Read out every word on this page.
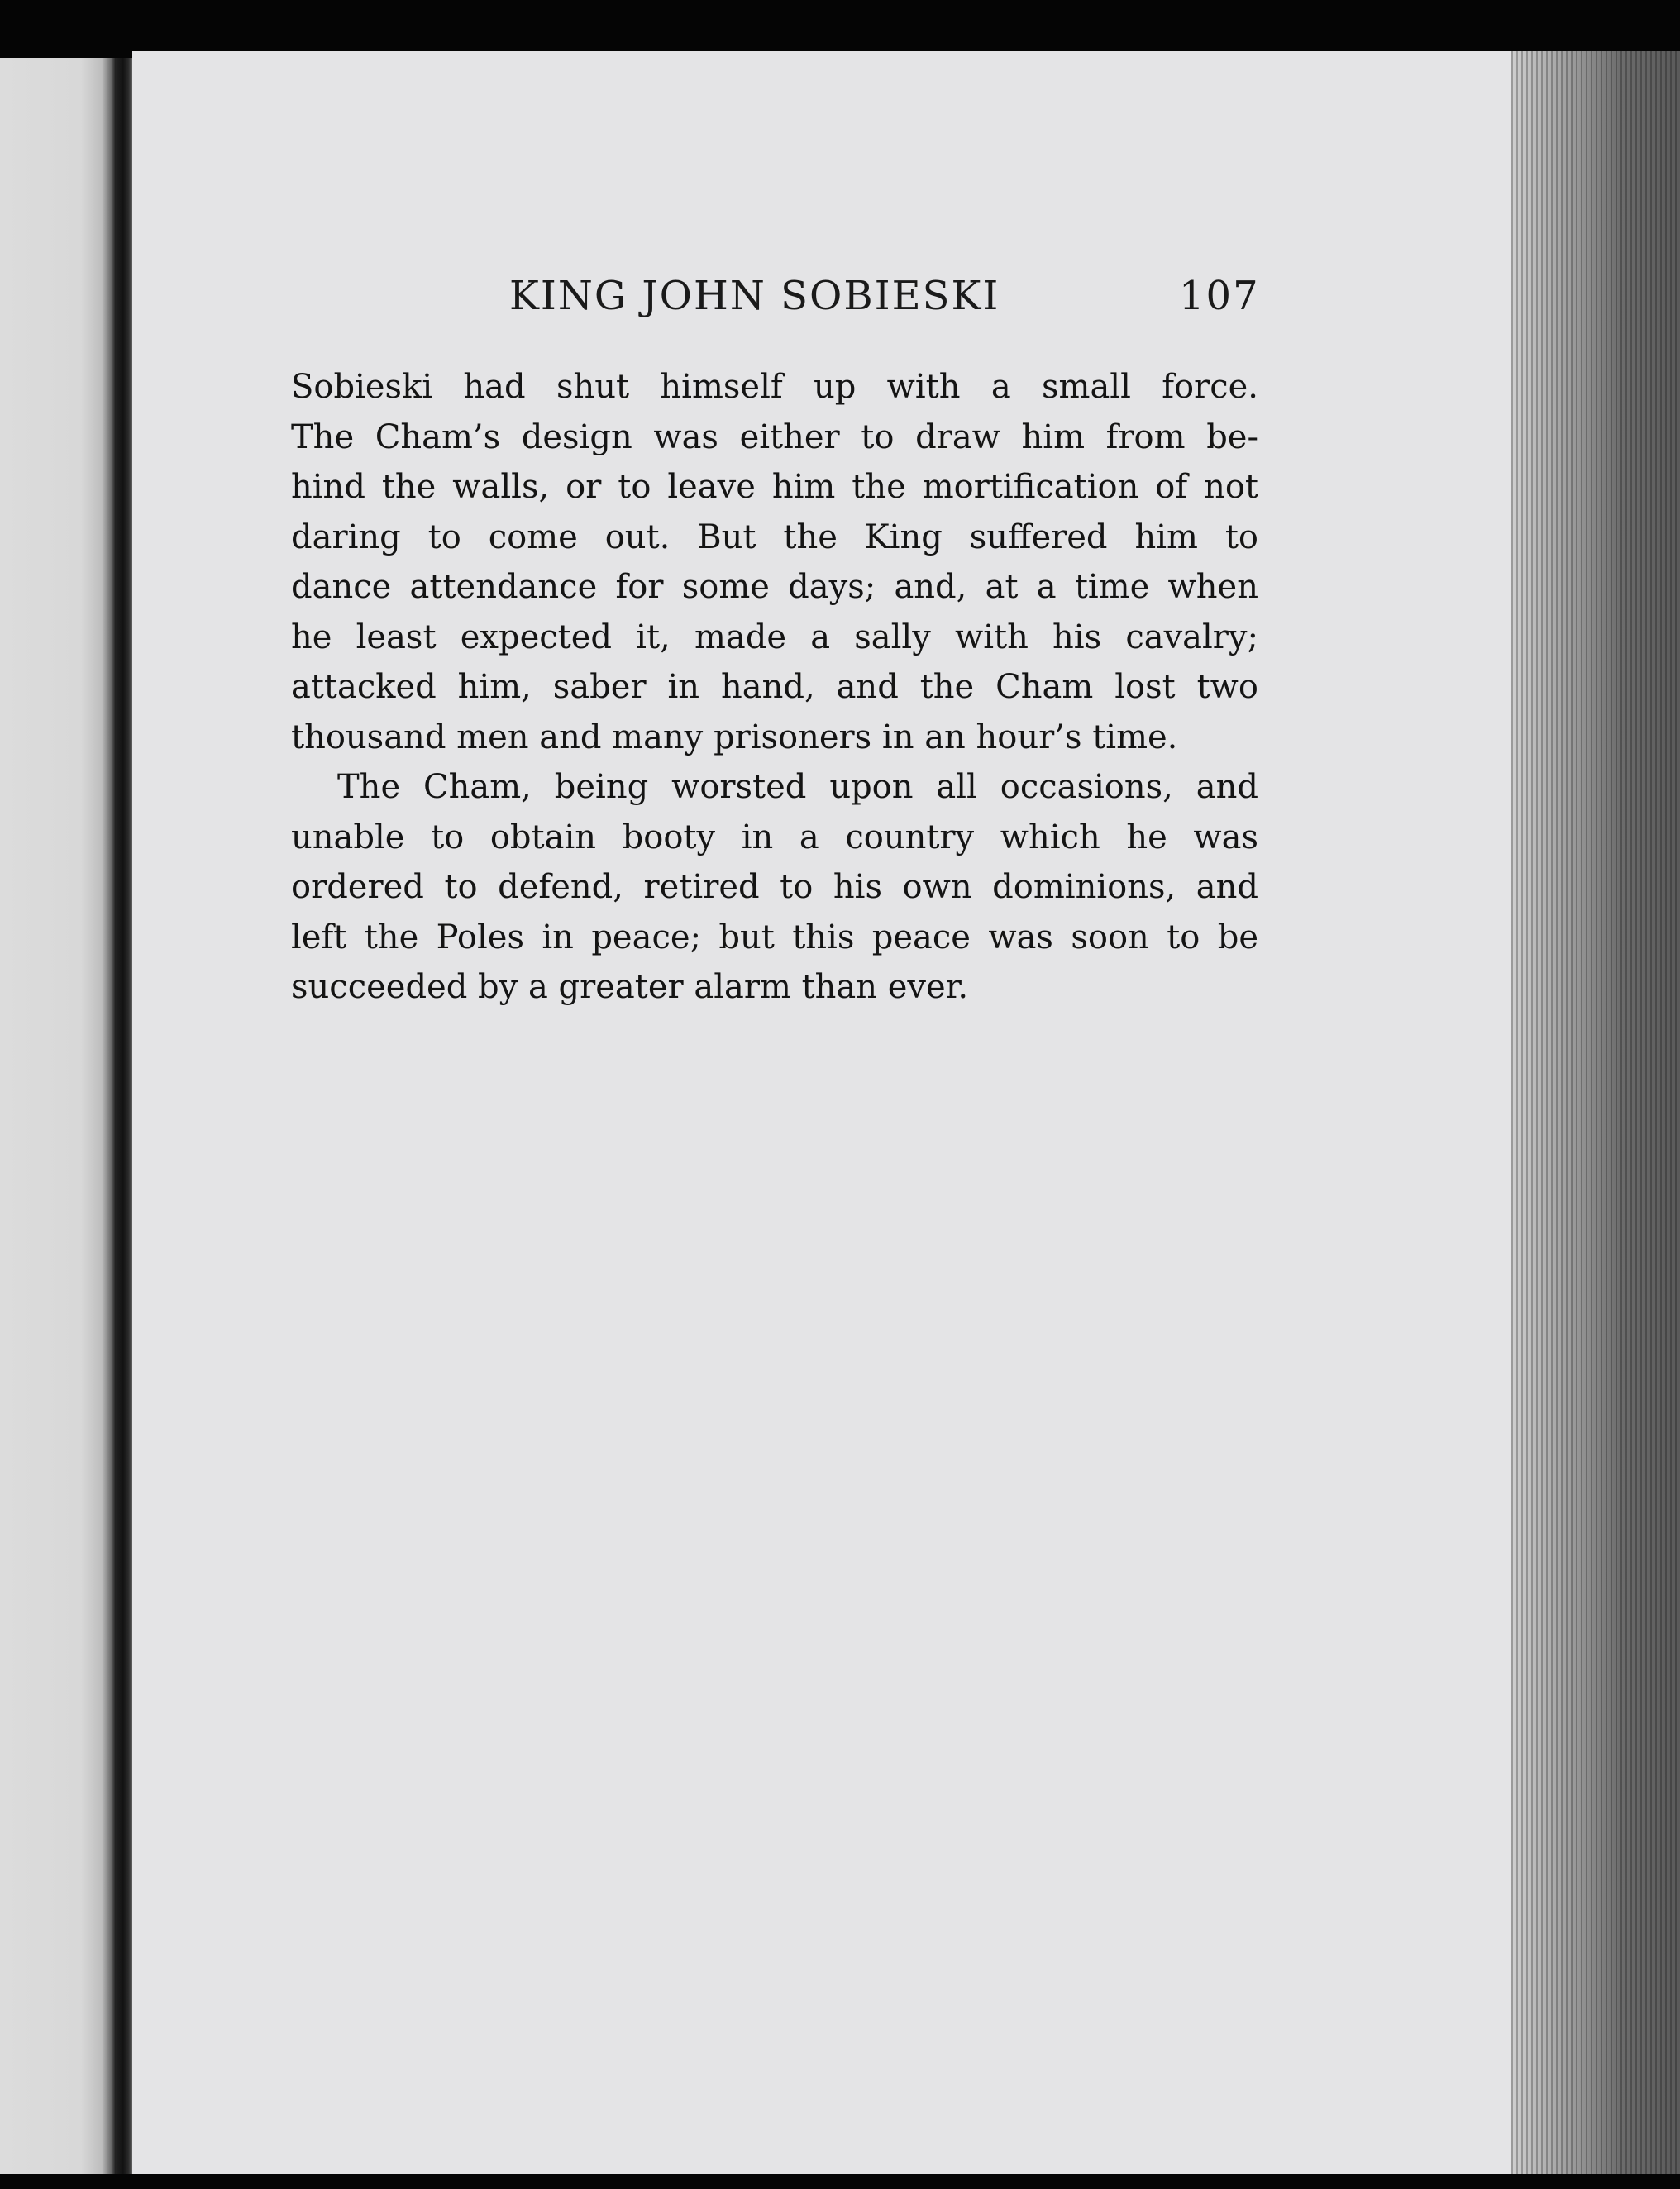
KING JOHN SOBIESKI	107
Sobieski had shut himself up with a small force.
The Cham’s design was either to draw him from be-
hind the walls, or to leave him the mortification of not
daring to come out. But the King suffered him to
dance attendance for some days; and, at a time when
he least expected it, made a sally with his cavalry;
attacked him, saber in hand, and the Cham lost two
thousand men and many prisoners in an hour’s time.
The Cham, being worsted upon all occasions, and
unable to obtain booty in a country which he was
ordered to defend, retired to his own dominions, and
left the Poles in peace; but this peace was soon to be
succeeded by a greater alarm than ever.
